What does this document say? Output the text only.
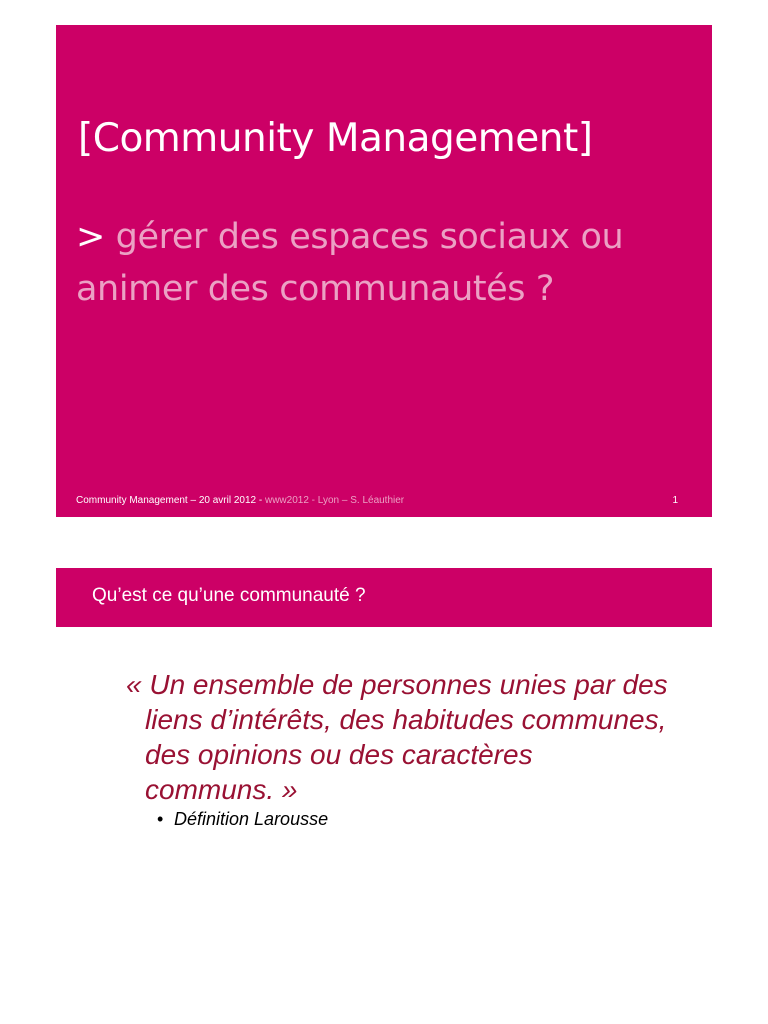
[Community Management]

> gérer des espaces sociaux ou animer des communautés ?

Community Management – 20 avril 2012 - www2012 - Lyon – S. Léauthier	1
Qu’est ce qu’une communauté ?

« Un ensemble de personnes unies par des
liens d’intérêts, des habitudes communes,
des opinions ou des caractères
communs. »

• Définition Larousse
